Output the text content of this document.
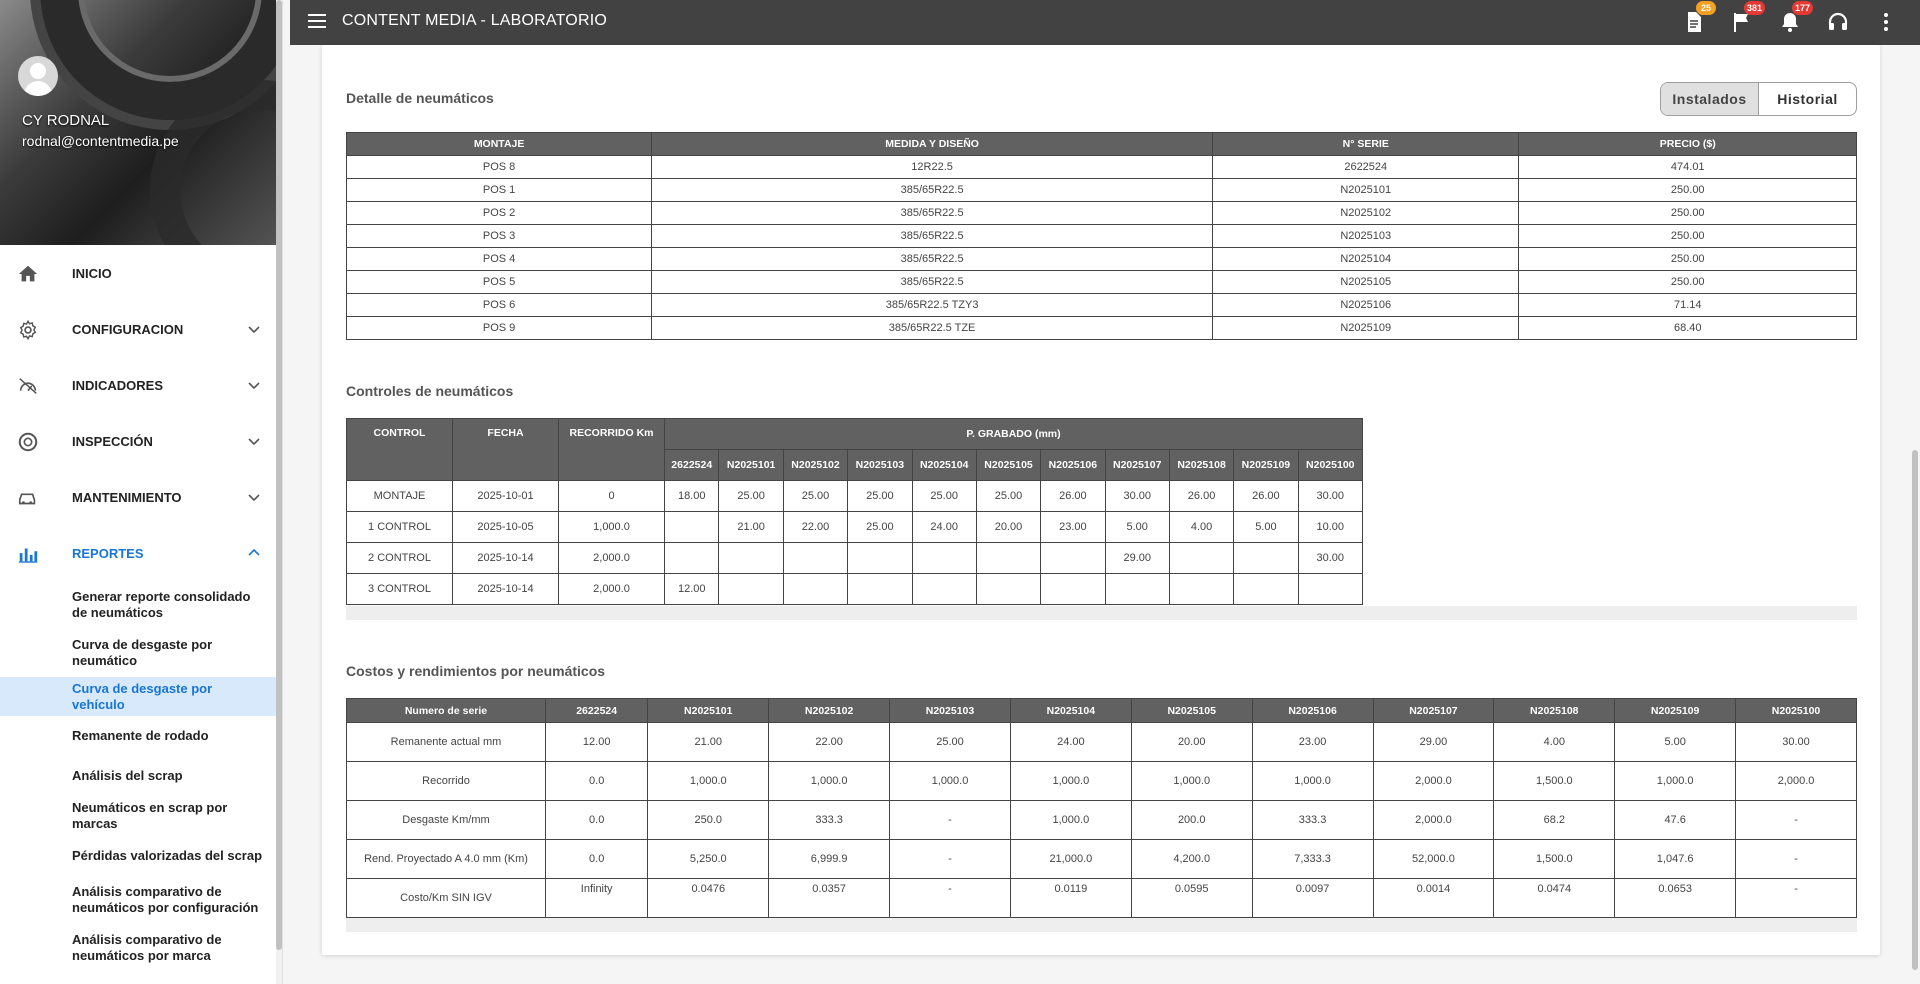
CY RODNAL
rodnal@contentmedia.pe
INICIO
CONFIGURACION
INDICADORES
INSPECCIÓN
MANTENIMIENTO
REPORTES
Generar reporte consolidado de neumáticos
Curva de desgaste por neumático
Curva de desgaste por vehículo
Remanente de rodado
Análisis del scrap
Neumáticos en scrap por marcas
Pérdidas valorizadas del scrap
Análisis comparativo de neumáticos por configuración
Análisis comparativo de neumáticos por marca
CONTENT MEDIA - LABORATORIO
25	381	177
Detalle de neumáticos	Instalados	Historial
MONTAJE	MEDIDA Y DISEÑO	N° SERIE	PRECIO ($)
POS 8	12R22.5	2622524	474.01
POS 1	385/65R22.5	N2025101	250.00
POS 2	385/65R22.5	N2025102	250.00
POS 3	385/65R22.5	N2025103	250.00
POS 4	385/65R22.5	N2025104	250.00
POS 5	385/65R22.5	N2025105	250.00
POS 6	385/65R22.5 TZY3	N2025106	71.14
POS 9	385/65R22.5 TZE	N2025109	68.40
Controles de neumáticos
CONTROL	FECHA	RECORRIDO Km	P. GRABADO (mm)										
			2622524	N2025101	N2025102	N2025103	N2025104	N2025105	N2025106	N2025107	N2025108	N2025109	N2025100
MONTAJE	2025-10-01	0	18.00	25.00	25.00	25.00	25.00	25.00	26.00	30.00	26.00	26.00	30.00
1 CONTROL	2025-10-05	1,000.0		21.00	22.00	25.00	24.00	20.00	23.00	5.00	4.00	5.00	10.00
2 CONTROL	2025-10-14	2,000.0								29.00			30.00
3 CONTROL	2025-10-14	2,000.0	12.00										
Costos y rendimientos por neumáticos
Numero de serie	2622524	N2025101	N2025102	N2025103	N2025104	N2025105	N2025106	N2025107	N2025108	N2025109	N2025100
Remanente actual mm	12.00	21.00	22.00	25.00	24.00	20.00	23.00	29.00	4.00	5.00	30.00
Recorrido	0.0	1,000.0	1,000.0	1,000.0	1,000.0	1,000.0	1,000.0	2,000.0	1,500.0	1,000.0	2,000.0
Desgaste Km/mm	0.0	250.0	333.3	-	1,000.0	200.0	333.3	2,000.0	68.2	47.6	-
Rend. Proyectado A 4.0 mm (Km)	0.0	5,250.0	6,999.9	-	21,000.0	4,200.0	7,333.3	52,000.0	1,500.0	1,047.6	-
Costo/Km SIN IGV	Infinity	0.0476	0.0357	-	0.0119	0.0595	0.0097	0.0014	0.0474	0.0653	-
